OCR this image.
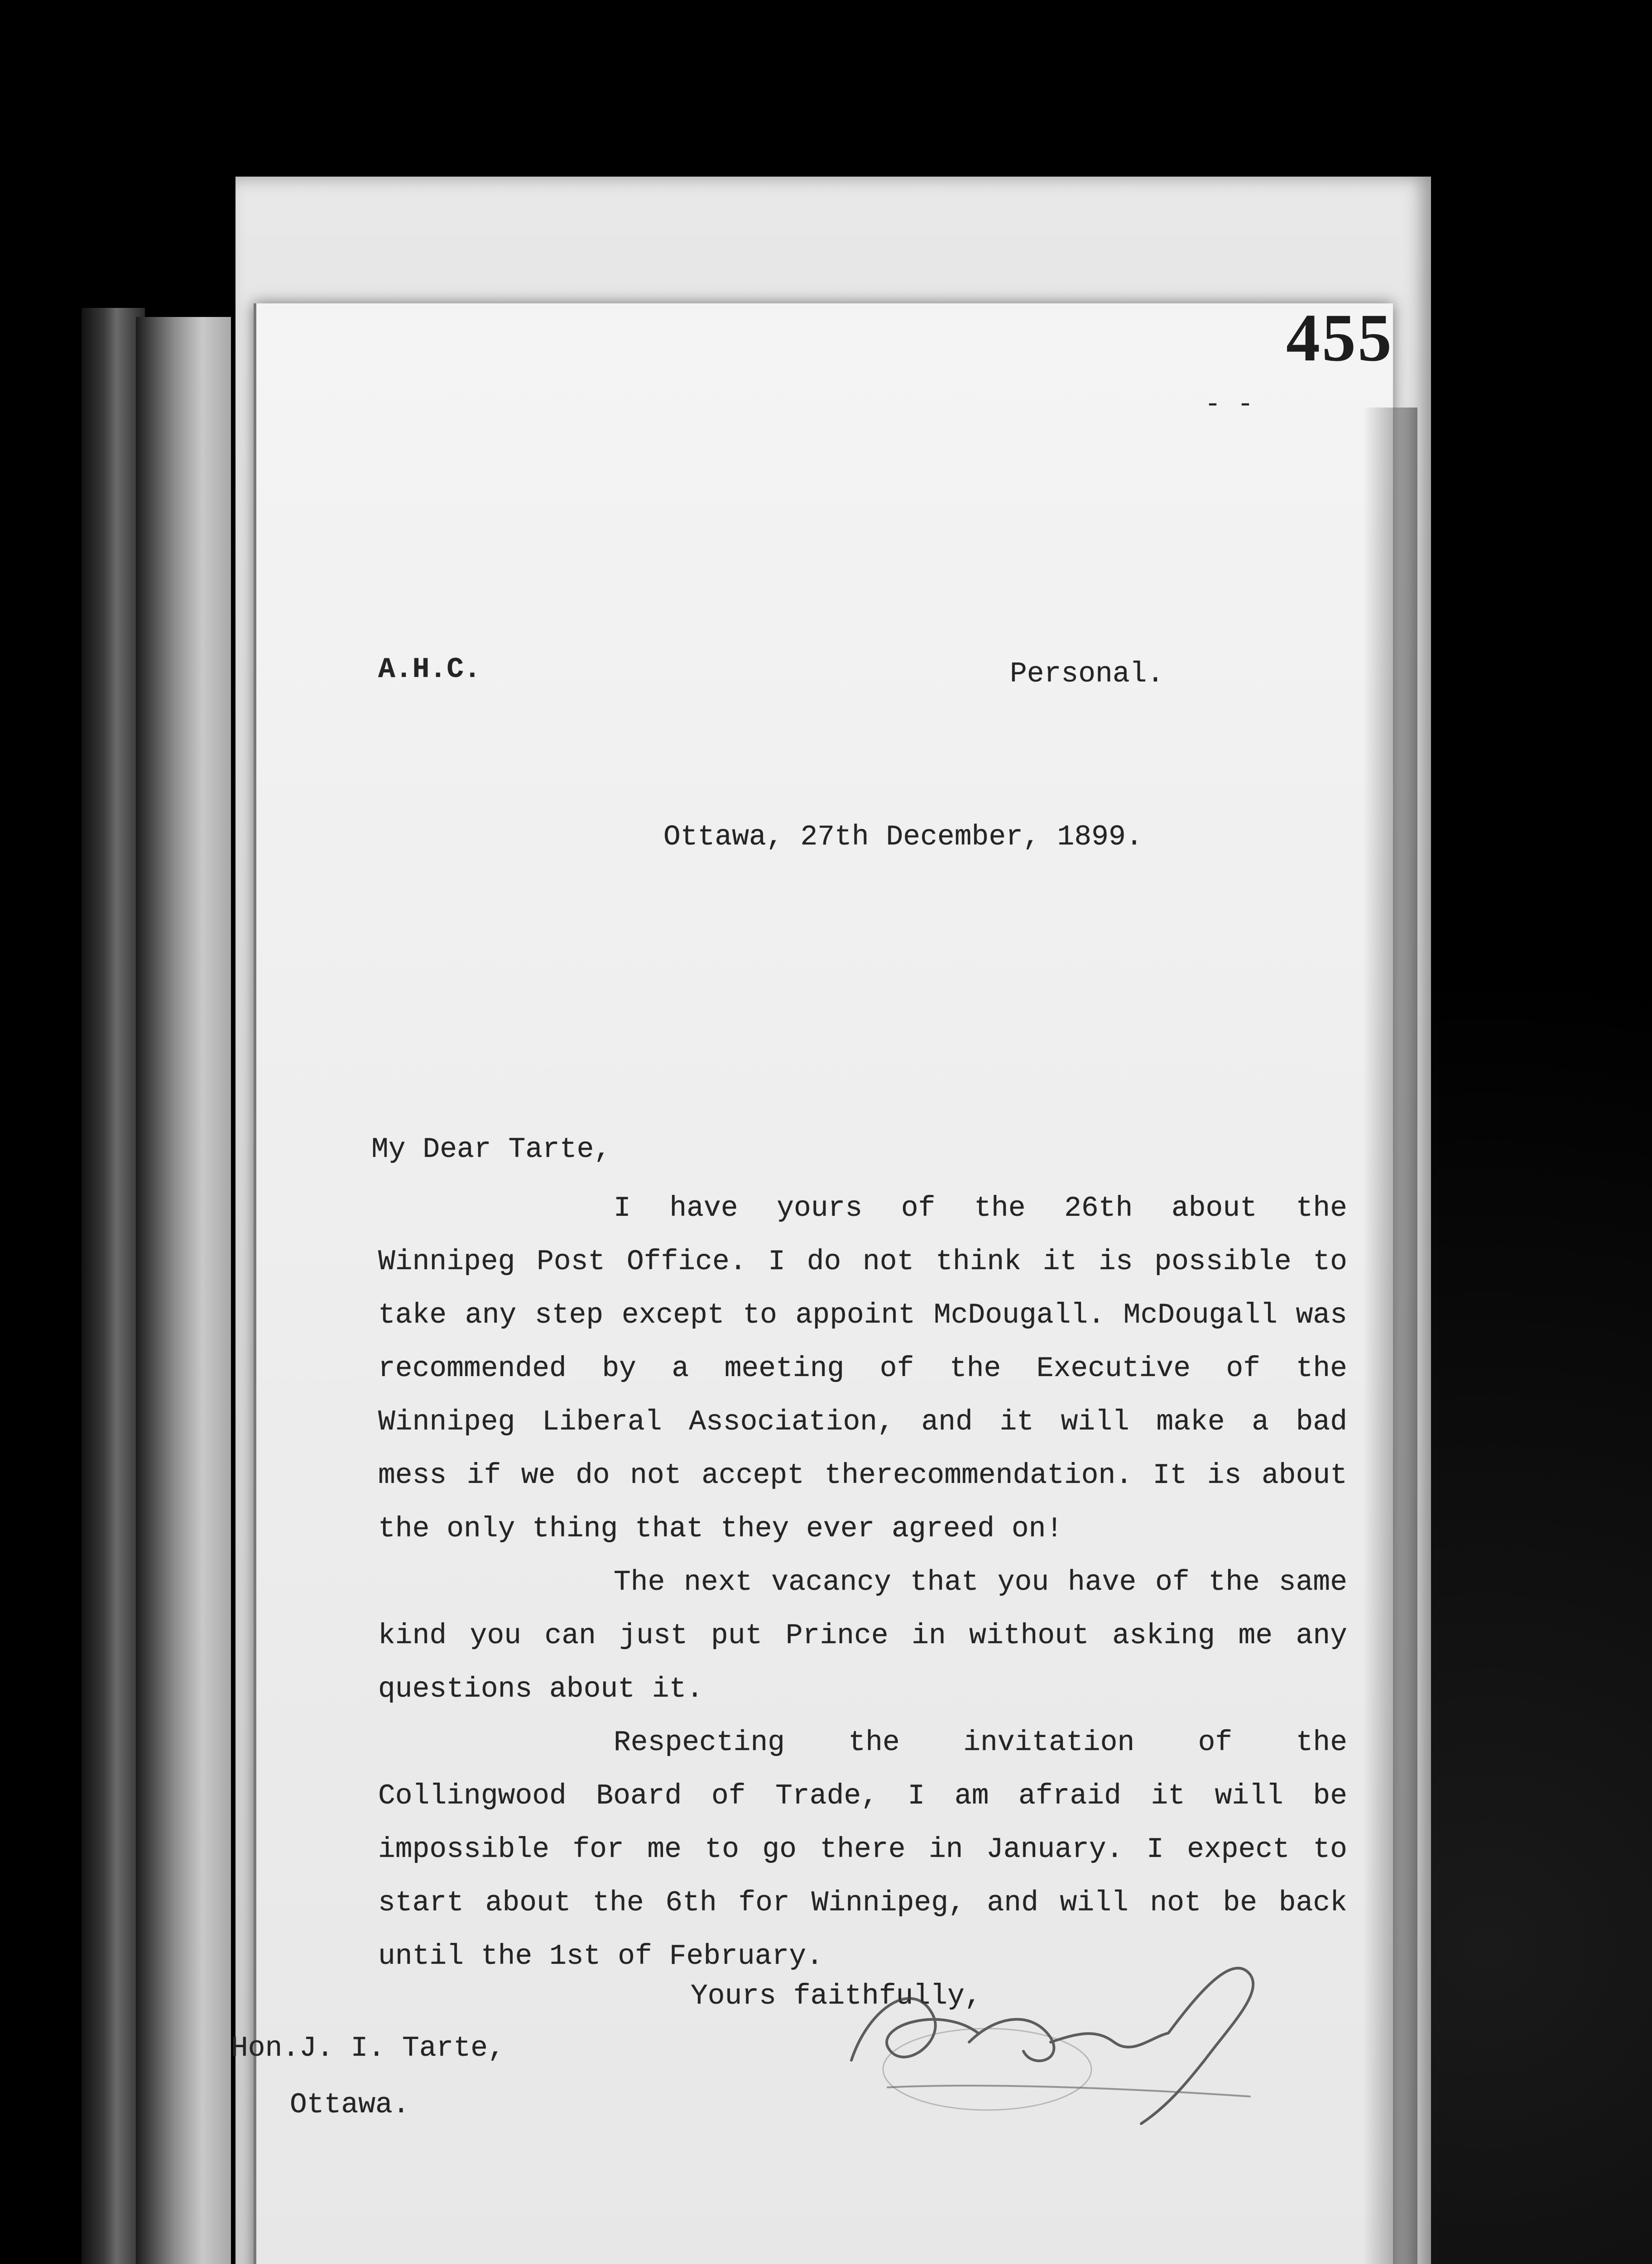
455
- -
A.H.C.	Personal.
Ottawa, 27th December, 1899.
My Dear Tarte,

I have yours of the 26th about the Winnipeg Post Office. I do not think it is possible to take any step except to appoint McDougall. McDougall was recommended by a meeting of the Executive of the Winnipeg Liberal Association, and it will make a bad mess if we do not accept therecommendation. It is about the only thing that they ever agreed on!

The next vacancy that you have of the same kind you can just put Prince in without asking me any questions about it.

Respecting the invitation of the Collingwood Board of Trade, I am afraid it will be impossible for me to go there in January. I expect to start about the 6th for Winnipeg, and will not be back until the 1st of February.

Yours faithfully,
Hon.J. I. Tarte,
Ottawa.
